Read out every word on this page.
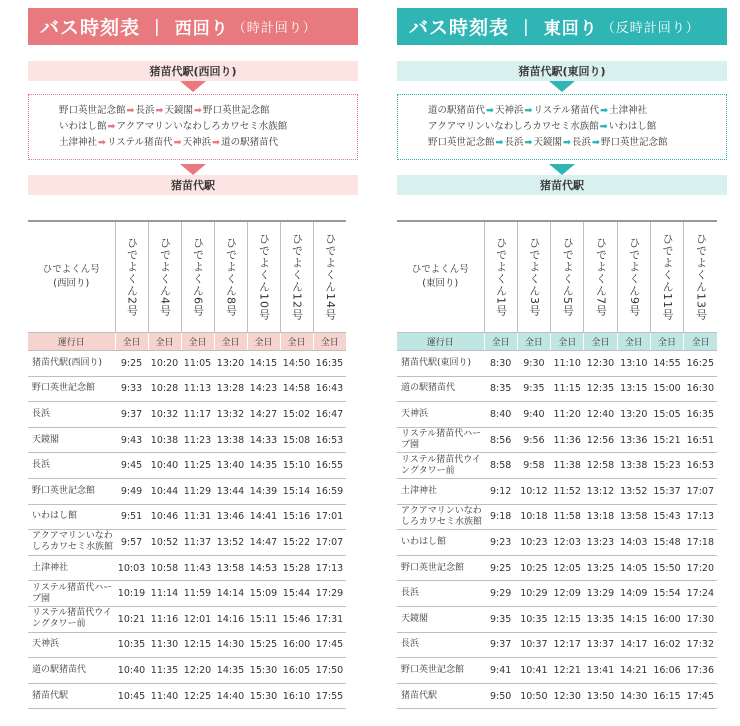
バス時刻表 | 西回り （時計回り）
猪苗代駅(西回り)
野口英世記念館➡長浜➡天鏡閣➡野口英世記念館
いわはし館➡アクアマリンいなわしろカワセミ水族館
土津神社➡リステル猪苗代➡天神浜➡道の駅猪苗代
猪苗代駅
バス時刻表 | 東回り （反時計回り）
猪苗代駅(東回り)
道の駅猪苗代➡天神浜➡リステル猪苗代➡土津神社
アクアマリンいなわしろカワセミ水族館➡いわはし館
野口英世記念館➡長浜➡天鏡閣➡長浜➡野口英世記念館
猪苗代駅
ひでよくん号
(西回り)	ひでよくん2号	ひでよくん4号	ひでよくん6号	ひでよくん8号	ひでよくん10号	ひでよくん12号	ひでよくん14号

運行日	全日	全日	全日	全日	全日	全日	全日
猪苗代駅(西回り)	9:25	10:20	11:05	13:20	14:15	14:50	16:35
野口英世記念館	9:33	10:28	11:13	13:28	14:23	14:58	16:43
長浜	9:37	10:32	11:17	13:32	14:27	15:02	16:47
天鏡閣	9:43	10:38	11:23	13:38	14:33	15:08	16:53
長浜	9:45	10:40	11:25	13:40	14:35	15:10	16:55
野口英世記念館	9:49	10:44	11:29	13:44	14:39	15:14	16:59
いわはし館	9:51	10:46	11:31	13:46	14:41	15:16	17:01
アクアマリンいなわしろカワセミ水族館	9:57	10:52	11:37	13:52	14:47	15:22	17:07
土津神社	10:03	10:58	11:43	13:58	14:53	15:28	17:13
リステル猪苗代ハーブ園	10:19	11:14	11:59	14:14	15:09	15:44	17:29
リステル猪苗代ウイングタワー前	10:21	11:16	12:01	14:16	15:11	15:46	17:31
天神浜	10:35	11:30	12:15	14:30	15:25	16:00	17:45
道の駅猪苗代	10:40	11:35	12:20	14:35	15:30	16:05	17:50
猪苗代駅	10:45	11:40	12:25	14:40	15:30	16:10	17:55
ひでよくん号
(東回り)	ひでよくん1号	ひでよくん3号	ひでよくん5号	ひでよくん7号	ひでよくん9号	ひでよくん11号	ひでよくん13号

運行日	全日	全日	全日	全日	全日	全日	全日
猪苗代駅(東回り)	8:30	9:30	11:10	12:30	13:10	14:55	16:25
道の駅猪苗代	8:35	9:35	11:15	12:35	13:15	15:00	16:30
天神浜	8:40	9:40	11:20	12:40	13:20	15:05	16:35
リステル猪苗代ハーブ園	8:56	9:56	11:36	12:56	13:36	15:21	16:51
リステル猪苗代ウイングタワー前	8:58	9:58	11:38	12:58	13:38	15:23	16:53
土津神社	9:12	10:12	11:52	13:12	13:52	15:37	17:07
アクアマリンいなわしろカワセミ水族館	9:18	10:18	11:58	13:18	13:58	15:43	17:13
いわはし館	9:23	10:23	12:03	13:23	14:03	15:48	17:18
野口英世記念館	9:25	10:25	12:05	13:25	14:05	15:50	17:20
長浜	9:29	10:29	12:09	13:29	14:09	15:54	17:24
天鏡閣	9:35	10:35	12:15	13:35	14:15	16:00	17:30
長浜	9:37	10:37	12:17	13:37	14:17	16:02	17:32
野口英世記念館	9:41	10:41	12:21	13:41	14:21	16:06	17:36
猪苗代駅	9:50	10:50	12:30	13:50	14:30	16:15	17:45
